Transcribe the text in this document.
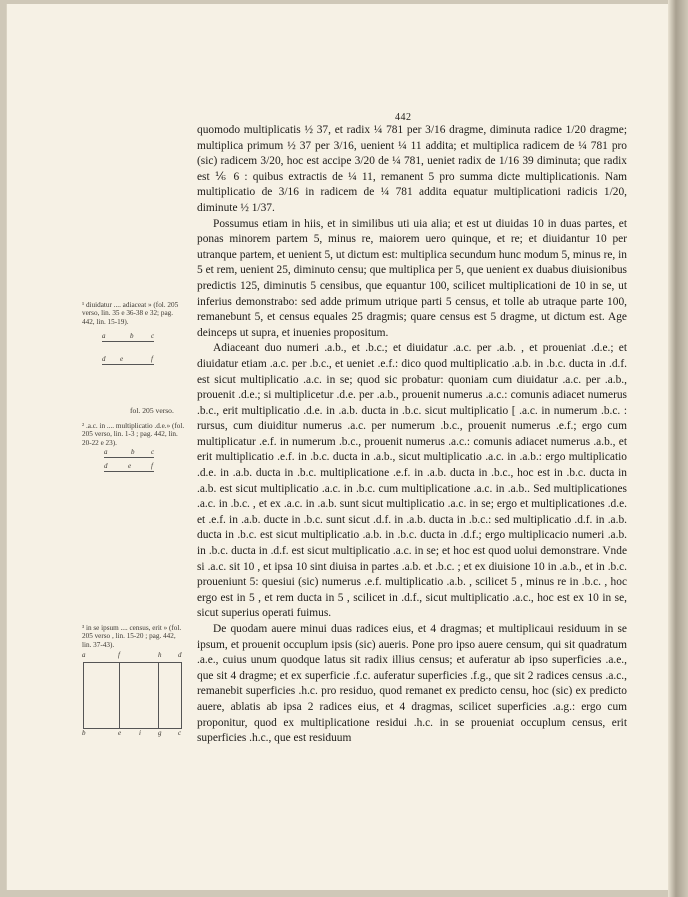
442

quomodo multiplicatis ½ 37, et radix ¼ 781 per 3/16 dragme, diminuta radice 1/20 dragme; multiplica primum ½ 37 per 3/16, uenient ¼ 11 addita; et multiplica radicem de ¼ 781 pro (sic) radicem 3/20, hoc est accipe 3/20 de ¼ 781, ueniet radix de 1/16 39 diminuta; que radix est ⅙ 6 : quibus extractis de ¼ 11, remanent 5 pro summa dicte multiplicationis. Nam multiplicatio de 3/16 in radicem de ¼ 781 addita equatur multiplicationi radicis 1/20, diminute ½ 1/37.

Possumus etiam in hiis, et in similibus uti uia alia; et est ut diuidas 10 in duas partes, et ponas minorem partem 5, minus re, maiorem uero quinque, et re; et diuidantur 10 per utranque partem, et uenient 5, ut dictum est: multiplica secundum hunc modum 5, minus re, in 5 et rem, uenient 25, diminuto censu; que multiplica per 5, que uenient ex duabus diuisionibus predictis 125, diminutis 5 censibus, que equantur 100, scilicet multiplicationi de 10 in se, ut inferius demonstrabo: sed adde primum utrique parti 5 census, et tolle ab utraque parte 100, remanebunt 5, et census equales 25 dragmis; quare census est 5 dragme, ut dictum est. Age deinceps ut supra, et inuenies propositum.

Adiaceant duo numeri .a.b., et .b.c.; et diuidatur .a.c. per .a.b. , et proueniat .d.e.; et diuidatur etiam .a.c. per .b.c., et ueniet .e.f.: dico quod multiplicatio .a.b. in .b.c. ducta in .d.f. est sicut multiplicatio .a.c. in se; quod sic probatur: quoniam cum diuidatur .a.c. per .a.b., prouenit .d.e.; si multiplicetur .d.e. per .a.b., prouenit numerus .a.c.: comunis adiacet numerus .b.c., erit multiplicatio .d.e. in .a.b. ducta in .b.c. sicut multiplicatio [ .a.c. in numerum .b.c. : rursus, cum diuiditur numerus .a.c. per numerum .b.c., prouenit numerus .e.f.; ergo cum multiplicatur .e.f. in numerum .b.c., prouenit numerus .a.c.: comunis adiacet numerus .a.b., et erit multiplicatio .e.f. in .b.c. ducta in .a.b., sicut multiplicatio .a.c. in .a.b.: ergo multiplicatio .d.e. in .a.b. ducta in .b.c. multiplicatione .e.f. in .a.b. ducta in .b.c., hoc est in .b.c. ducta in .a.b. est sicut multiplicatio .a.c. in .b.c. cum multiplicatione .a.c. in .a.b.. Sed multiplicationes .a.c. in .b.c. , et ex .a.c. in .a.b. sunt sicut multiplicatio .a.c. in se; ergo et multiplicationes .d.e. et .e.f. in .a.b. ducte in .b.c. sunt sicut .d.f. in .a.b. ducta in .b.c.: sed multiplicatio .d.f. in .a.b. ducta in .b.c. est sicut multiplicatio .a.b. in .b.c. ducta in .d.f.; ergo multiplicacio numeri .a.b. in .b.c. ducta in .d.f. est sicut multiplicatio .a.c. in se; et hoc est quod uolui demonstrare. Vnde si .a.c. sit 10 , et ipsa 10 sint diuisa in partes .a.b. et .b.c. ; et ex diuisione 10 in .a.b., et in .b.c. proueniunt 5: quesiui (sic) numerus .e.f. multiplicatio .a.b. , scilicet 5 , minus re in .b.c. , hoc ergo est in 5 , et rem ducta in 5 , scilicet in .d.f., sicut multiplicatio .a.c., hoc est ex 10 in se, sicut superius operati fuimus.

De quodam auere minui duas radices eius, et 4 dragmas; et multiplicaui residuum in se ipsum, et prouenit occuplum ipsis (sic) aueris. Pone pro ipso auere censum, qui sit quadratum .a.e., cuius unum quodque latus sit radix illius census; et auferatur ab ipso superficies .a.e., que sit 4 dragme; et ex superficie .f.c. auferatur superficies .f.g., que sit 2 radices census .a.c., remanebit superficies .h.c. pro residuo, quod remanet ex predicto censu, hoc (sic) ex predicto auere, ablatis ab ipsa 2 radices eius, et 4 dragmas, scilicet superficies .a.g.: ergo cum proponitur, quod ex multiplicatione residui .h.c. in se proueniat occuplum census, erit superficies .h.c., que est residuum

¹ diuidatur .... adiaceat » (fol. 205 verso, lin. 35 e 36-38 e 32; pag. 442, lin. 15-19).
a	b	c
d e	f
fol. 205 verso.
² .a.c. in .... multiplicatio .d.e.» (fol. 205 verso, lin. 1-3 ; pag. 442, lin. 20-22 e 23).
a	b c
d	e	f
³ in se ipsum .... census, erit » (fol. 205 verso , lin. 15-20 ; pag. 442, lin. 37-43).
a	f	h d
b	e	i g c
